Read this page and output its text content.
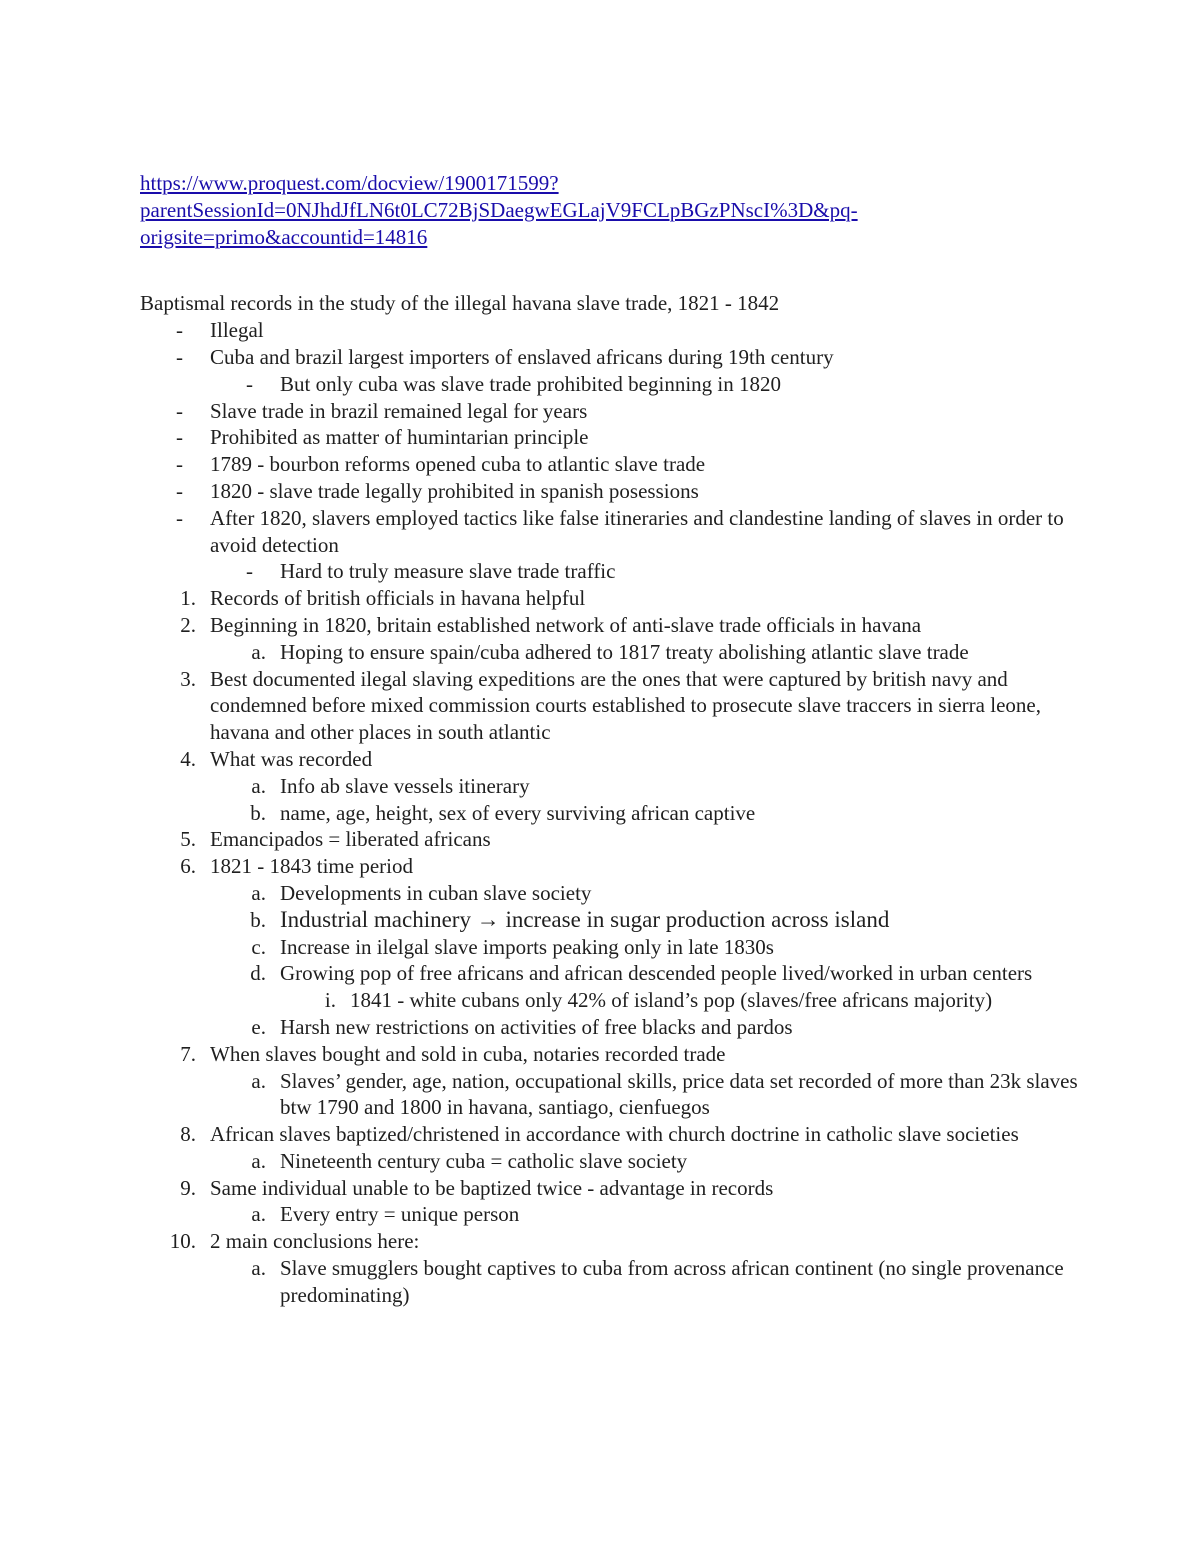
https://www.proquest.com/docview/1900171599?
parentSessionId=0NJhdJfLN6t0LC72BjSDaegwEGLajV9FCLpBGzPNscI%3D&pq-
origsite=primo&accountid=14816
Baptismal records in the study of the illegal havana slave trade, 1821 - 1842
-	Illegal
-	Cuba and brazil largest importers of enslaved africans during 19th century
-	But only cuba was slave trade prohibited beginning in 1820
-	Slave trade in brazil remained legal for years
-	Prohibited as matter of humintarian principle
-	1789 - bourbon reforms opened cuba to atlantic slave trade
-	1820 - slave trade legally prohibited in spanish posessions
-	After 1820, slavers employed tactics like false itineraries and clandestine landing of slaves in order to avoid detection
-	Hard to truly measure slave trade traffic
1. Records of british officials in havana helpful
2. Beginning in 1820, britain established network of anti-slave trade officials in havana
a. Hoping to ensure spain/cuba adhered to 1817 treaty abolishing atlantic slave trade
3. Best documented ilegal slaving expeditions are the ones that were captured by british navy and condemned before mixed commission courts established to prosecute slave traccers in sierra leone, havana and other places in south atlantic
4. What was recorded
a. Info ab slave vessels itinerary
b. name, age, height, sex of every surviving african captive
5. Emancipados = liberated africans
6. 1821 - 1843 time period
a. Developments in cuban slave society
b. Industrial machinery → increase in sugar production across island
c. Increase in ilelgal slave imports peaking only in late 1830s
d. Growing pop of free africans and african descended people lived/worked in urban centers
i. 1841 - white cubans only 42% of island’s pop (slaves/free africans majority)
e. Harsh new restrictions on activities of free blacks and pardos
7. When slaves bought and sold in cuba, notaries recorded trade
a. Slaves’ gender, age, nation, occupational skills, price data set recorded of more than 23k slaves btw 1790 and 1800 in havana, santiago, cienfuegos
8. African slaves baptized/christened in accordance with church doctrine in catholic slave societies
a. Nineteenth century cuba = catholic slave society
9. Same individual unable to be baptized twice - advantage in records
a. Every entry = unique person
10. 2 main conclusions here:
a. Slave smugglers bought captives to cuba from across african continent (no single provenance predominating)
